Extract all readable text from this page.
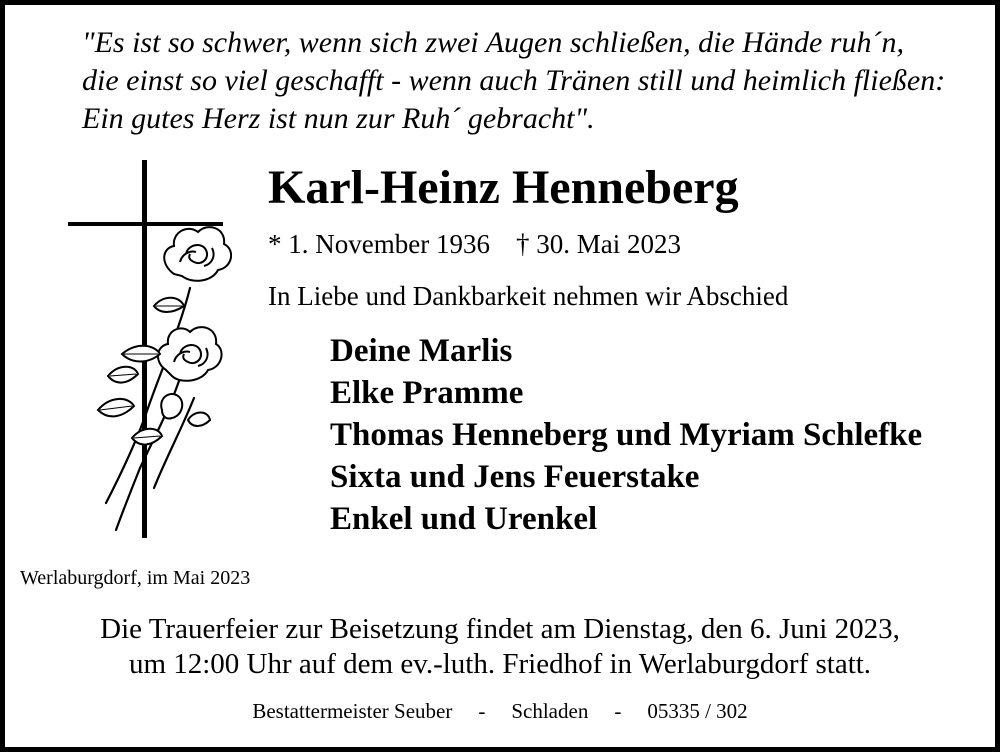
"Es ist so schwer, wenn sich zwei Augen schließen, die Hände ruh´n,
die einst so viel geschafft - wenn auch Tränen still und heimlich fließen:
Ein gutes Herz ist nun zur Ruh´ gebracht".
Karl-Heinz Henneberg
* 1. November 1936 † 30. Mai 2023
In Liebe und Dankbarkeit nehmen wir Abschied
Deine Marlis
Elke Pramme
Thomas Henneberg und Myriam Schlefke
Sixta und Jens Feuerstake
Enkel und Urenkel
Werlaburgdorf, im Mai 2023
Die Trauerfeier zur Beisetzung findet am Dienstag, den 6. Juni 2023,
um 12:00 Uhr auf dem ev.-luth. Friedhof in Werlaburgdorf statt.
Bestattermeister Seuber - Schladen - 05335 / 302
